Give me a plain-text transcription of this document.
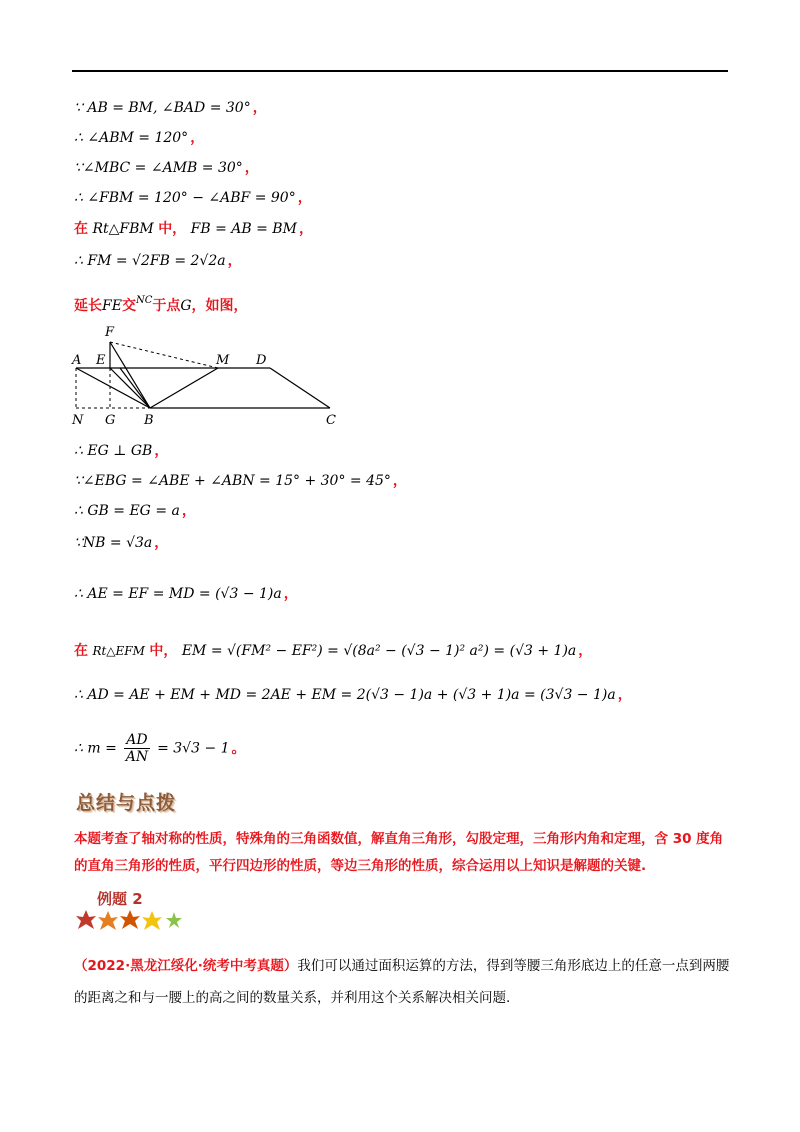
∵ AB = BM, ∠BAD = 30° ，
∴ ∠ABM = 120° ，
∵∠MBC = ∠AMB = 30° ，
∴ ∠FBM = 120° − ∠ABF = 90° ，
在 Rt△FBM 中， FB = AB = BM ，
∴ FM = √2FB = 2√2a ，
延长FE交$^{NC}$于点G，如图，
F
A E	M D
N G B	C
∴ EG ⊥ GB ，
∵∠EBG = ∠ABE + ∠ABN = 15° + 30° = 45° ，
∴ GB = EG = a ，
∵NB = √3a ，
∴ AE = EF = MD = (√3 − 1)a ，
在 Rt△EFM 中， EM = √(FM² − EF²) = √(8a² − (√3 − 1)² a²) = (√3 + 1)a ，
∴ AD = AE + EM + MD = 2AE + EM = 2(√3 − 1)a + (√3 + 1)a = (3√3 − 1)a ，
∴ $m = \frac{AD}{AN} = 3√3 - 1$ 。
总结与点拨
本题考查了轴对称的性质，特殊角的三角函数值，解直角三角形，勾股定理，三角形内角和定理，含 30 度角的直角三角形的性质，平行四边形的性质，等边三角形的性质，综合运用以上知识是解题的关键.
例题 2
（2022·黑龙江绥化·统考中考真题）我们可以通过面积运算的方法，得到等腰三角形底边上的任意一点到两腰的距离之和与一腰上的高之间的数量关系，并利用这个关系解决相关问题.
